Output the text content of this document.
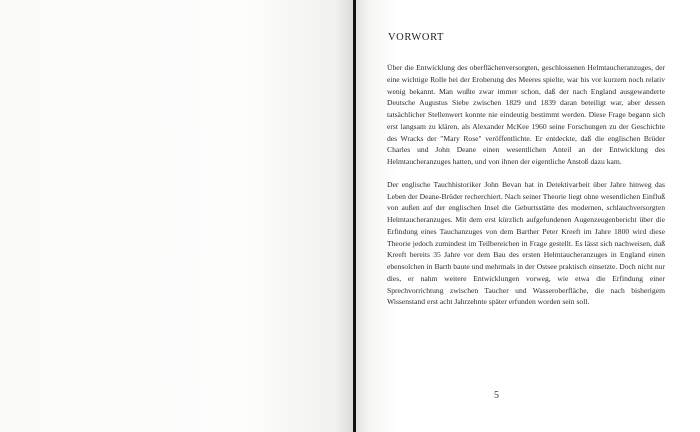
VORWORT

Über die Entwicklung des oberflächenversorgten, geschlossenen Helmtaucheranzuges, der eine wichtige Rolle bei der Eroberung des Meeres spielte, war bis vor kurzem noch relativ wenig bekannt. Man wußte zwar immer schon, daß der nach England ausgewanderte Deutsche Augustus Siebe zwischen 1829 und 1839 daran beteiligt war, aber dessen tatsächlicher Stellenwert konnte nie eindeutig bestimmt werden. Diese Frage begann sich erst langsam zu klären, als Alexander McKee 1960 seine Forschungen zu der Geschichte des Wracks der "Mary Rose" veröffentlichte. Er entdeckte, daß die englischen Brüder Charles und John Deane einen wesentlichen Anteil an der Entwicklung des Helmtaucheranzuges hatten, und von ihnen der eigentliche Anstoß dazu kam.

Der englische Tauchhistoriker John Bevan hat in Detektivarbeit über Jahre hinweg das Leben der Deane-Brüder recherchiert. Nach seiner Theorie liegt ohne wesentlichen Einfluß von außen auf der englischen Insel die Geburtsstätte des modernen, schlauchversorgten Helmtaucheranzuges. Mit dem erst kürzlich aufgefundenen Augenzeugenbericht über die Erfindung eines Tauchanzuges von dem Barther Peter Kreeft im Jahre 1800 wird diese Theorie jedoch zumindest im Teilbereichen in Frage gestellt. Es lässt sich nachweisen, daß Kreeft bereits 35 Jahre vor dem Bau des ersten Helmtaucheranzuges in England einen ebensolchen in Barth baute und mehrmals in der Ostsee praktisch einsetzte. Doch nicht nur dies, er nahm weitere Entwicklungen vorweg, wie etwa die Erfindung einer Sprechvorrichtung zwischen Taucher und Wasseroberfläche, die nach bisherigem Wissenstand erst acht Jahrzehnte später erfunden worden sein soll.

5
